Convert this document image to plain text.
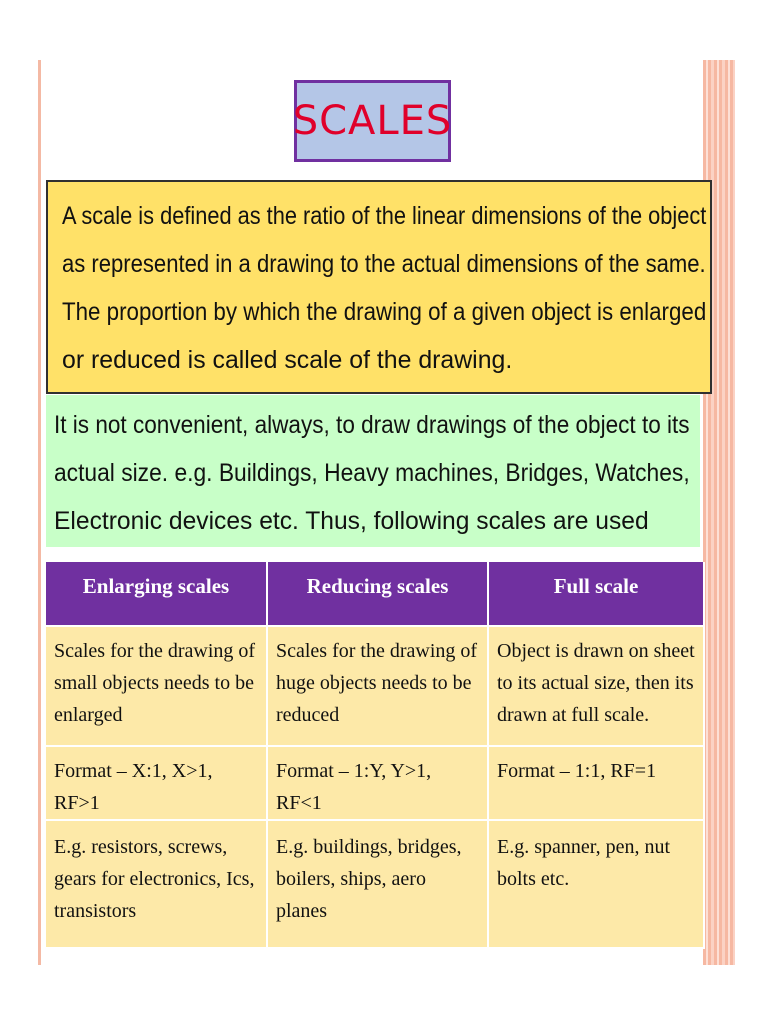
SCALES
A scale is defined as the ratio of the linear dimensions of the object
as represented in a drawing to the actual dimensions of the same.
The proportion by which the drawing of a given object is enlarged
or reduced is called scale of the drawing.
It is not convenient, always, to draw drawings of the object to its
actual size. e.g. Buildings, Heavy machines, Bridges, Watches,
Electronic devices etc. Thus, following scales are used
Enlarging scales	Reducing scales	Full scale
Scales for the drawing of small objects needs to be enlarged	Scales for the drawing of huge objects needs to be reduced	Object is drawn on sheet to its actual size, then its drawn at full scale.
Format – X:1, X>1, RF>1	Format – 1:Y, Y>1, RF<1	Format – 1:1, RF=1
E.g. resistors, screws, gears for electronics, Ics, transistors	E.g. buildings, bridges, boilers, ships, aero planes	E.g. spanner, pen, nut bolts etc.
